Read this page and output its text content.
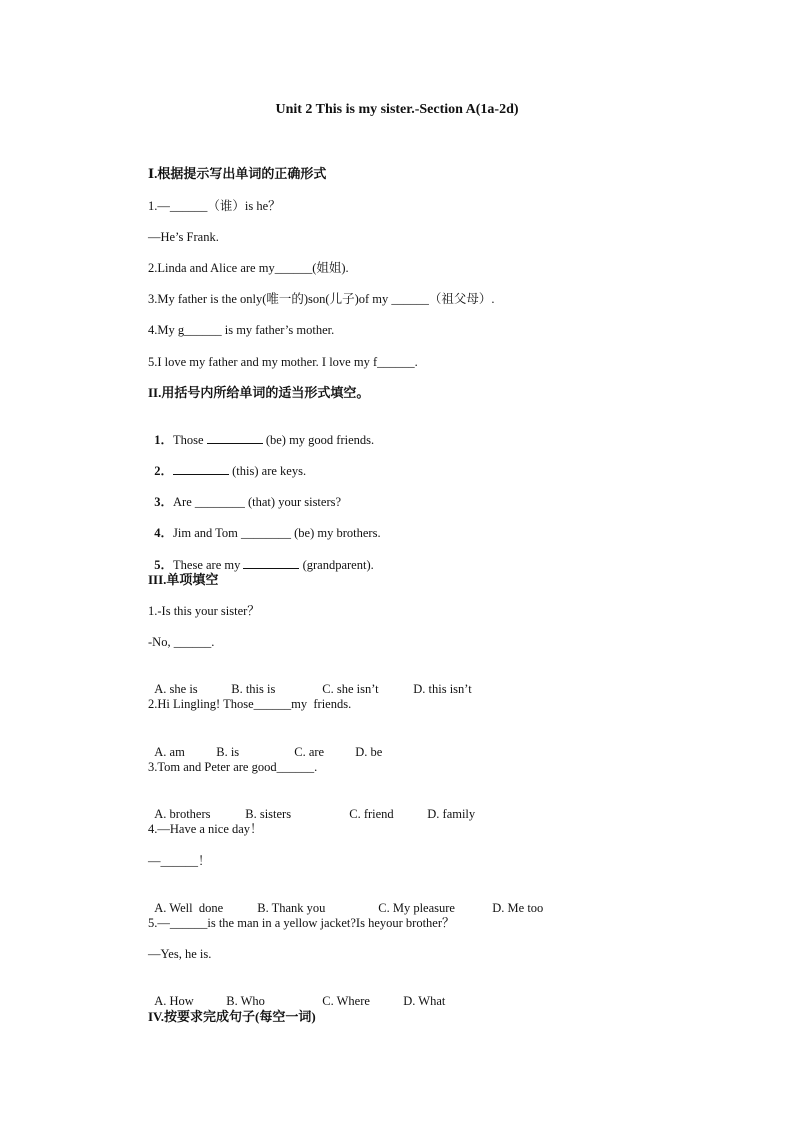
Unit 2 This is my sister.-Section A(1a-2d)
Ⅰ.根据提示写出单词的正确形式
1.—______（谁）is he？
—He’s Frank.
2.Linda and Alice are my______(姐姐).
3.My father is the only(唯一的)son(儿子)of my ______（祖父母）.
4.My g______ is my father’s mother.
5.I love my father and my mother. I love my f______.
II.用括号内所给单词的适当形式填空。

1．Those	(be) my good friends.

2．	(this) are keys.

3．Are ________ (that) your sisters?

4．Jim and Tom ________ (be) my brothers.

5．These are my	(grandparent).

III.单项填空
1.-Is this your sister？
-No, ______.

A. she is	B. this is	C. she isn’t	D. this isn’t

2.Hi Lingling! Those______my  friends.

A. am	B. is	C. are D. be

3.Tom and Peter are good______.

A. brothers	B. sisters	C. friend	D. family

4.—Have a nice day！
—______！

A. Well  done	B. Thank you	C. My pleasure	D. Me too

5.—______is the man in a yellow jacket?Is heyour brother？
—Yes, he is.

A. How	B. Who	C. Where	D. What

IV.按要求完成句子(每空一词)
